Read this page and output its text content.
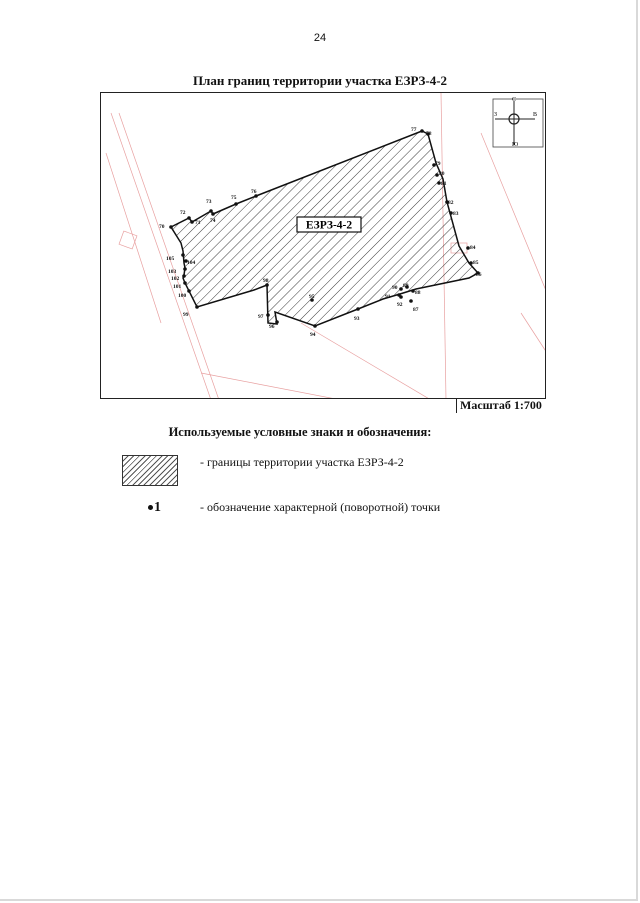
24
План границ территории участка ЕЗРЗ-4-2
С
Ю
З	В
ЕЗРЗ-4-2
70
71
72
73
74
75
76
77
78
79
80
81
82
83
84
85
86
87
88
89
90
91
92
93
94
95
96
97
98
99
100
101
102
103
104
105
Масштаб 1:700
Используемые условные знаки и обозначения:
- границы территории участка ЕЗРЗ-4-2
1	- обозначение характерной (поворотной) точки
